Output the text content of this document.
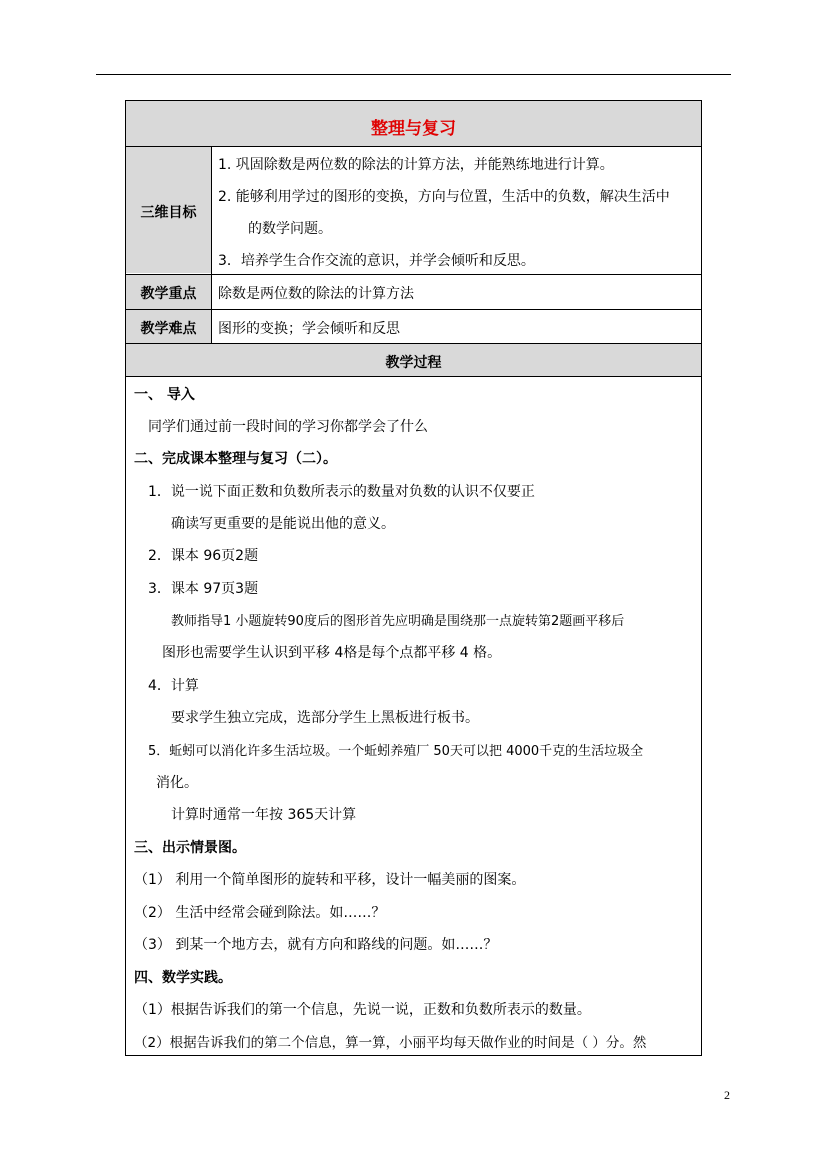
整理与复习
三维目标
1. 巩固除数是两位数的除法的计算方法，并能熟练地进行计算。
2. 能够利用学过的图形的变换，方向与位置，生活中的负数，解决生活中
的数学问题。
3．培养学生合作交流的意识，并学会倾听和反思。
教学重点	除数是两位数的除法的计算方法
教学难点	图形的变换；学会倾听和反思
教学过程
一、 导入
同学们通过前一段时间的学习你都学会了什么
二、完成课本整理与复习（二）。
1．说一说下面正数和负数所表示的数量对负数的认识不仅要正
确读写更重要的是能说出他的意义。
2．课本 96页2题
3．课本 97页3题
教师指导1 小题旋转90度后的图形首先应明确是围绕那一点旋转第2题画平移后
图形也需要学生认识到平移 4格是每个点都平移 4 格。
4．计算
要求学生独立完成，选部分学生上黑板进行板书。
5．蚯蚓可以消化许多生活垃圾。一个蚯蚓养殖厂 50天可以把 4000千克的生活垃圾全
消化。
计算时通常一年按 365天计算
三、出示情景图。
（1） 利用一个简单图形的旋转和平移，设计一幅美丽的图案。
（2） 生活中经常会碰到除法。如……？
（3） 到某一个地方去，就有方向和路线的问题。如……？
四、数学实践。
（1）根据告诉我们的第一个信息，先说一说，正数和负数所表示的数量。
（2）根据告诉我们的第二个信息，算一算，小丽平均每天做作业的时间是（ ）分。然
2
